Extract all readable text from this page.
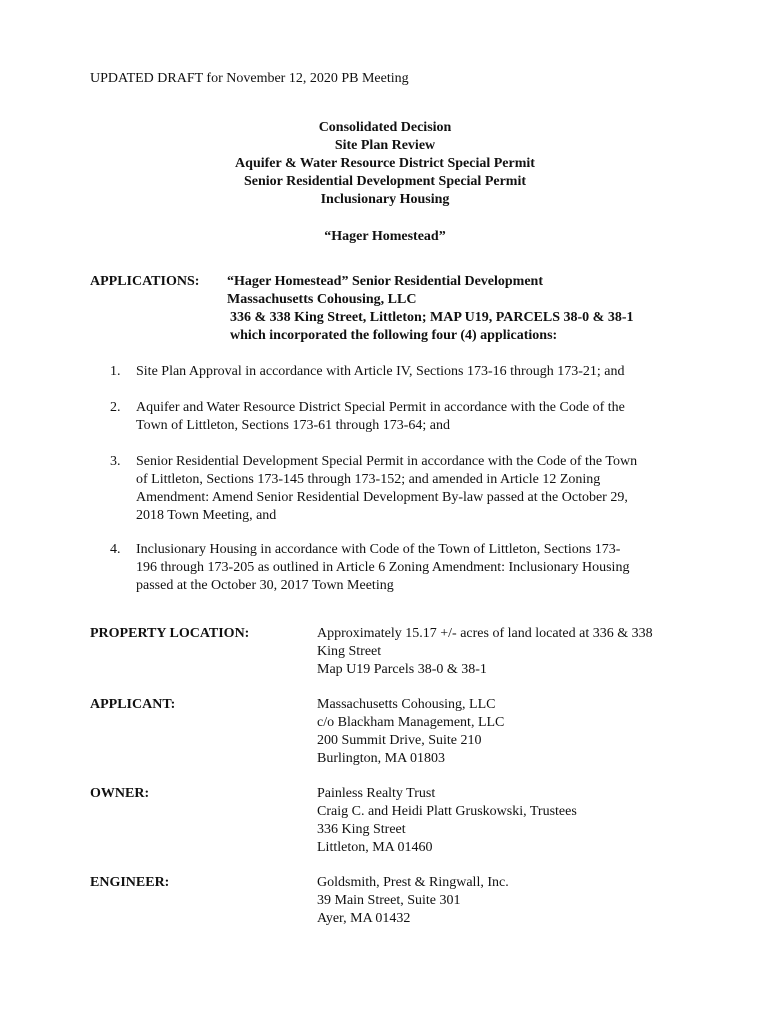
UPDATED DRAFT for November 12, 2020 PB Meeting
Consolidated Decision
Site Plan Review
Aquifer & Water Resource District Special Permit
Senior Residential Development Special Permit
Inclusionary Housing
“Hager Homestead”
APPLICATIONS: “Hager Homestead” Senior Residential Development
Massachusetts Cohousing, LLC
336 & 338 King Street, Littleton; MAP U19, PARCELS 38-0 & 38-1
which incorporated the following four (4) applications:
1.	Site Plan Approval in accordance with Article IV, Sections 173-16 through 173-21; and
2.	Aquifer and Water Resource District Special Permit in accordance with the Code of the
Town of Littleton, Sections 173-61 through 173-64; and
3.	Senior Residential Development Special Permit in accordance with the Code of the Town
of Littleton, Sections 173-145 through 173-152; and amended in Article 12 Zoning
Amendment: Amend Senior Residential Development By-law passed at the October 29,
2018 Town Meeting, and
4.	Inclusionary Housing in accordance with Code of the Town of Littleton, Sections 173-
196 through 173-205 as outlined in Article 6 Zoning Amendment: Inclusionary Housing
passed at the October 30, 2017 Town Meeting
PROPERTY LOCATION:	Approximately 15.17 +/- acres of land located at 336 & 338
King Street
Map U19 Parcels 38-0 & 38-1
APPLICANT:	Massachusetts Cohousing, LLC
c/o Blackham Management, LLC
200 Summit Drive, Suite 210
Burlington, MA 01803
OWNER:	Painless Realty Trust
Craig C. and Heidi Platt Gruskowski, Trustees
336 King Street
Littleton, MA 01460
ENGINEER:	Goldsmith, Prest & Ringwall, Inc.
39 Main Street, Suite 301
Ayer, MA 01432
